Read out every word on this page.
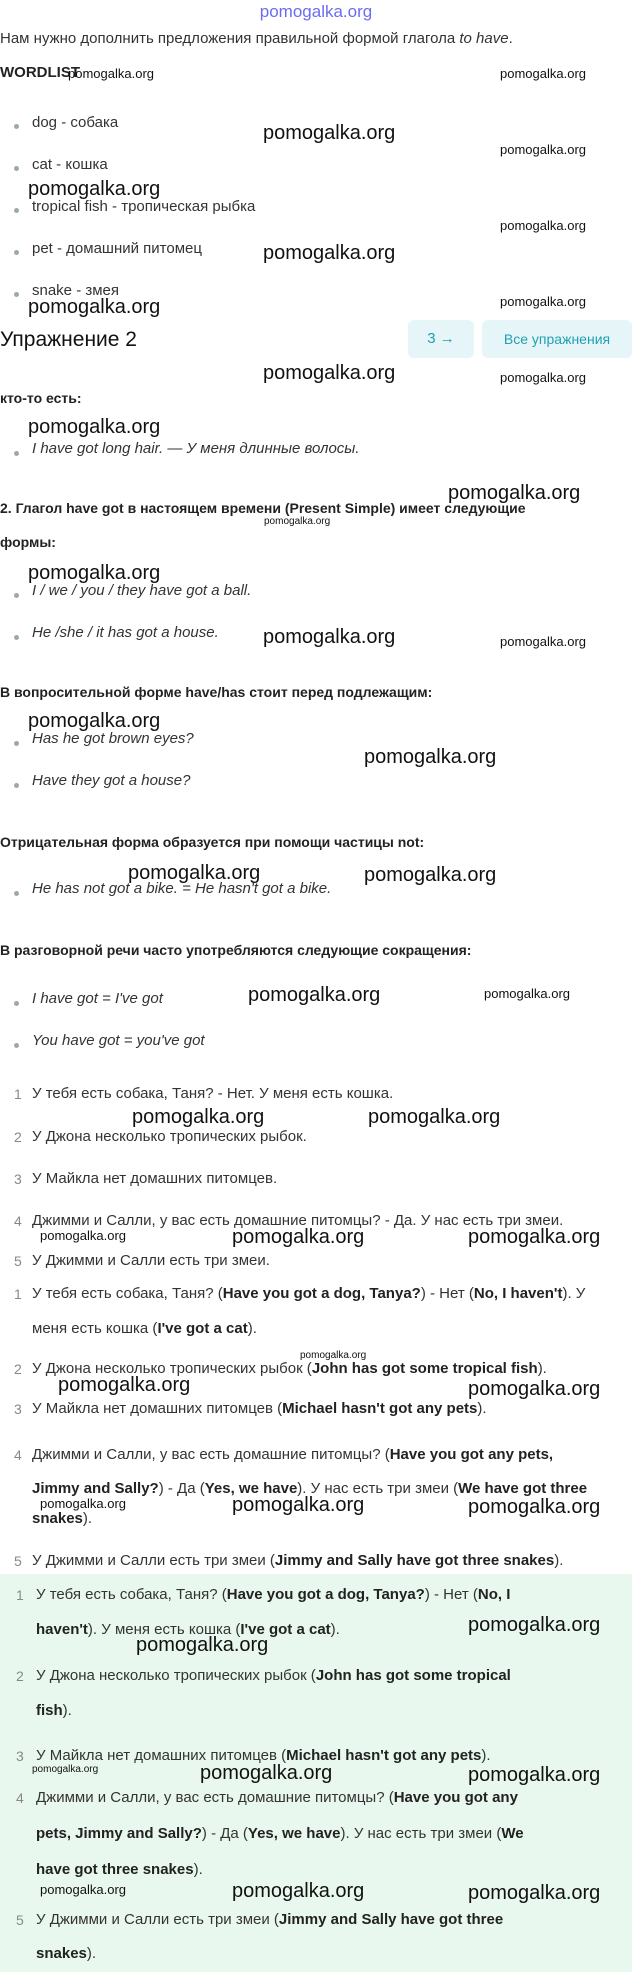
pomogalka.org
Нам нужно дополнить предложения правильной формой глагола to have.
WORDLIST
pomogalka.org	pomogalka.org
dog - собака
cat - кошка
tropical fish - тропическая рыбка
pet - домашний питомец
snake - змея
pomogalka.org
pomogalka.org
pomogalka.org
pomogalka.org
pomogalka.org
pomogalka.org
pomogalka.org
Упражнение 2	3 →	Все упражнения
pomogalka.org	pomogalka.org
кто-то есть:
pomogalka.org
I have got long hair. — У меня длинные волосы.
pomogalka.org
2. Глагол have got в настоящем времени (Present Simple) имеет следующие
pomogalka.org
формы:
pomogalka.org
I / we / you / they have got a ball.
He /she / it has got a house. pomogalka.org	pomogalka.org
В вопросительной форме have/has стоит перед подлежащим:
pomogalka.org
Has he got brown eyes?
pomogalka.org
Have they got a house?
Отрицательная форма образуется при помощи частицы not:
pomogalka.org	pomogalka.org
He has not got a bike. = He hasn't got a bike.
В разговорной речи часто употребляются следующие сокращения:
I have got = I've got	pomogalka.org	pomogalka.org
You have got = you've got
1 У тебя есть собака, Таня? - Нет. У меня есть кошка.
pomogalka.org	pomogalka.org
2 У Джона несколько тропических рыбок.
3 У Майкла нет домашних питомцев.
4 Джимми и Салли, у вас есть домашние питомцы? - Да. У нас есть три змеи.
pomogalka.org	pomogalka.org	pomogalka.org
5 У Джимми и Салли есть три змеи.
1 У тебя есть собака, Таня? (Have you got a dog, Tanya?) - Нет (No, I haven't). У
меня есть кошка (I've got a cat).
pomogalka.org
2 У Джона несколько тропических рыбок (John has got some tropical fish).
pomogalka.org	pomogalka.org
3 У Майкла нет домашних питомцев (Michael hasn't got any pets).
4 Джимми и Салли, у вас есть домашние питомцы? (Have you got any pets,
Jimmy and Sally?) - Да (Yes, we have). У нас есть три змеи (We have got three
pomogalka.org	pomogalka.org	pomogalka.org
snakes).
5 У Джимми и Салли есть три змеи (Jimmy and Sally have got three snakes).
1 У тебя есть собака, Таня? (Have you got a dog, Tanya?) - Нет (No, I
pomogalka.org
haven't). У меня есть кошка (I've got a cat).
pomogalka.org
2 У Джона несколько тропических рыбок (John has got some tropical
fish).
3 У Майкла нет домашних питомцев (Michael hasn't got any pets).
pomogalka.org	pomogalka.org	pomogalka.org
4 Джимми и Салли, у вас есть домашние питомцы? (Have you got any
pets, Jimmy and Sally?) - Да (Yes, we have). У нас есть три змеи (We
have got three snakes).
pomogalka.org	pomogalka.org	pomogalka.org
5 У Джимми и Салли есть три змеи (Jimmy and Sally have got three
snakes).
